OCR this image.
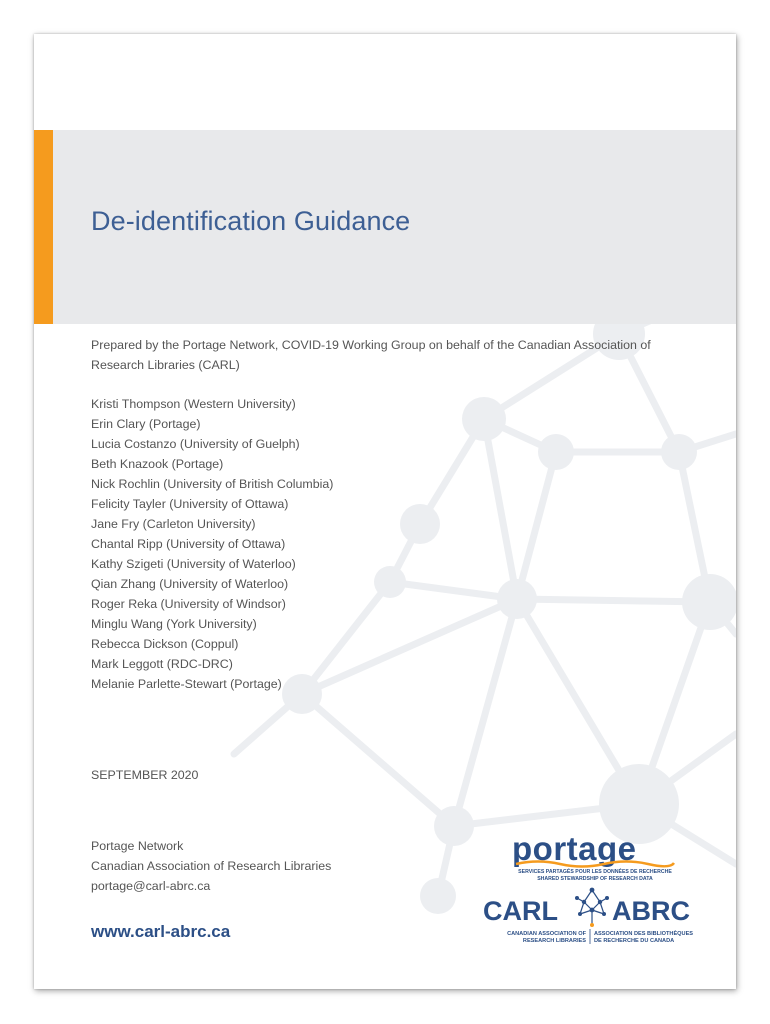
De-identification Guidance
Prepared by the Portage Network, COVID-19 Working Group on behalf of the Canadian Association of Research Libraries (CARL)
Kristi Thompson (Western University)
Erin Clary (Portage)
Lucia Costanzo (University of Guelph)
Beth Knazook (Portage)
Nick Rochlin (University of British Columbia)
Felicity Tayler (University of Ottawa)
Jane Fry (Carleton University)
Chantal Ripp (University of Ottawa)
Kathy Szigeti (University of Waterloo)
Qian Zhang (University of Waterloo)
Roger Reka (University of Windsor)
Minglu Wang (York University)
Rebecca Dickson (Coppul)
Mark Leggott (RDC-DRC)
Melanie Parlette-Stewart (Portage)
SEPTEMBER 2020
Portage Network
Canadian Association of Research Libraries
portage@carl-abrc.ca
www.carl-abrc.ca
portage
SERVICES PARTAGÉS POUR LES DONNÉES DE RECHERCHE
SHARED STEWARDSHIP OF RESEARCH DATA
CARL ABRC
CANADIAN ASSOCIATION OF
RESEARCH LIBRARIES
ASSOCIATION DES BIBLIOTHÈQUES
DE RECHERCHE DU CANADA
